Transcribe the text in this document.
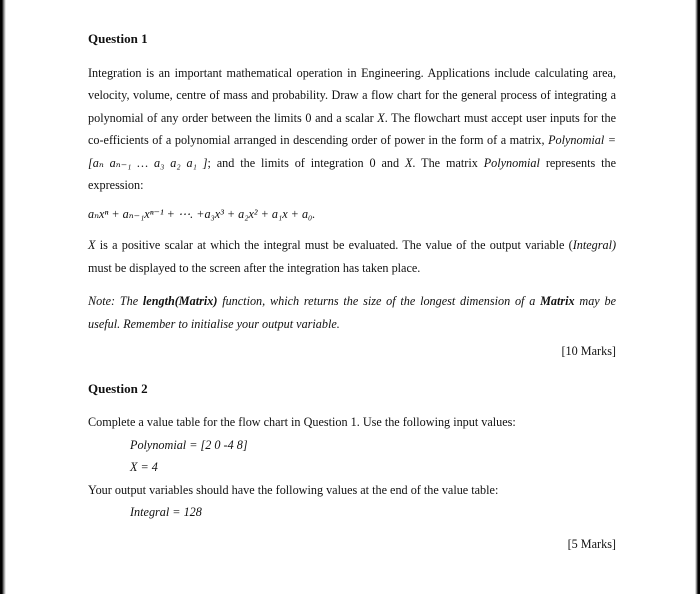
Question 1

Integration is an important mathematical operation in Engineering. Applications include calculating area, velocity, volume, centre of mass and probability. Draw a flow chart for the general process of integrating a polynomial of any order between the limits 0 and a scalar X. The flowchart must accept user inputs for the co-efficients of a polynomial arranged in descending order of power in the form of a matrix, Polynomial = [aₙ aₙ₋₁ … a₃ a₂ a₁ ]; and the limits of integration 0 and X. The matrix Polynomial represents the expression:

aₙxⁿ + aₙ₋₁xⁿ⁻¹ + ⋯. +a₃x³ + a₂x² + a₁x + a₀.

X is a positive scalar at which the integral must be evaluated. The value of the output variable (Integral) must be displayed to the screen after the integration has taken place.

Note: The length(Matrix) function, which returns the size of the longest dimension of a Matrix may be useful. Remember to initialise your output variable.
[10 Marks]
Question 2

Complete a value table for the flow chart in Question 1. Use the following input values:

Polynomial = [2 0 -4 8]
X = 4

Your output variables should have the following values at the end of the value table:

Integral = 128
[5 Marks]
